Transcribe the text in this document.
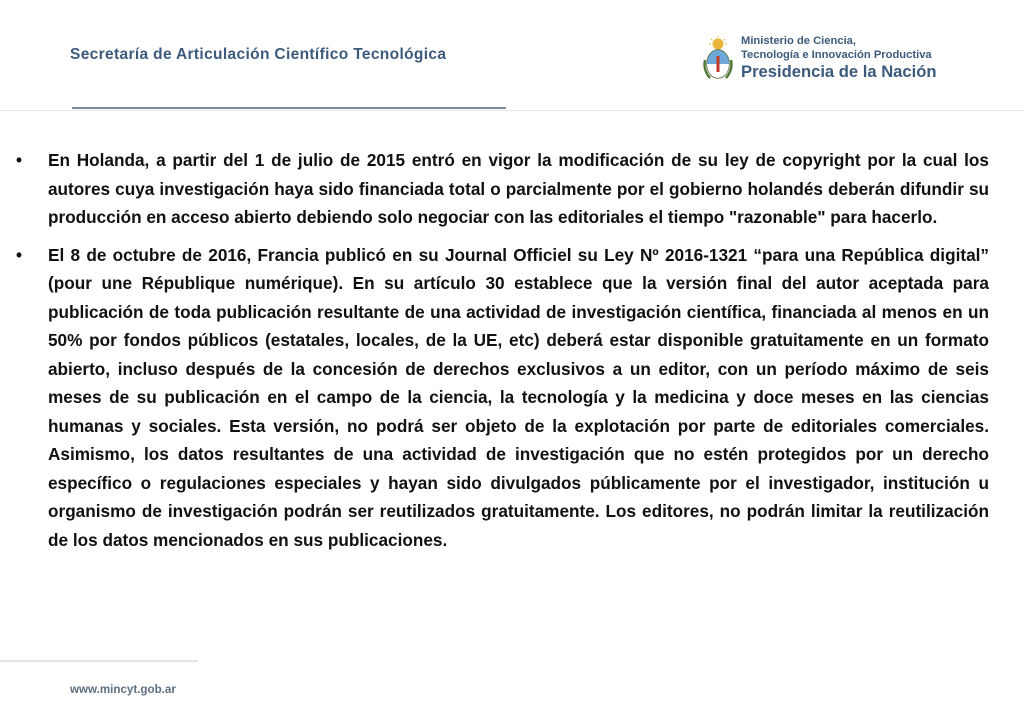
Secretaría de Articulación Científico Tecnológica
Ministerio de Ciencia,
Tecnología e Innovación Productiva
Presidencia de la Nación
•	En Holanda, a partir del 1 de julio de 2015 entró en vigor la modificación de su ley de copyright por la cual los autores cuya investigación haya sido financiada total o parcialmente por el gobierno holandés deberán difundir su producción en acceso abierto debiendo solo negociar con las editoriales el tiempo "razonable" para hacerlo.
•	El 8 de octubre de 2016, Francia publicó en su Journal Officiel su Ley Nº 2016-1321 “para una República digital” (pour une République numérique). En su artículo 30 establece que la versión final del autor aceptada para publicación de toda publicación resultante de una actividad de investigación científica, financiada al menos en un 50% por fondos públicos (estatales, locales, de la UE, etc) deberá estar disponible gratuitamente en un formato abierto, incluso después de la concesión de derechos exclusivos a un editor, con un período máximo de seis meses de su publicación en el campo de la ciencia, la tecnología y la medicina y doce meses en las ciencias humanas y sociales. Esta versión, no podrá ser objeto de la explotación por parte de editoriales comerciales. Asimismo, los datos resultantes de una actividad de investigación que no estén protegidos por un derecho específico o regulaciones especiales y hayan sido divulgados públicamente por el investigador, institución u organismo de investigación podrán ser reutilizados gratuitamente. Los editores, no podrán limitar la reutilización de los datos mencionados en sus publicaciones.
www.mincyt.gob.ar
